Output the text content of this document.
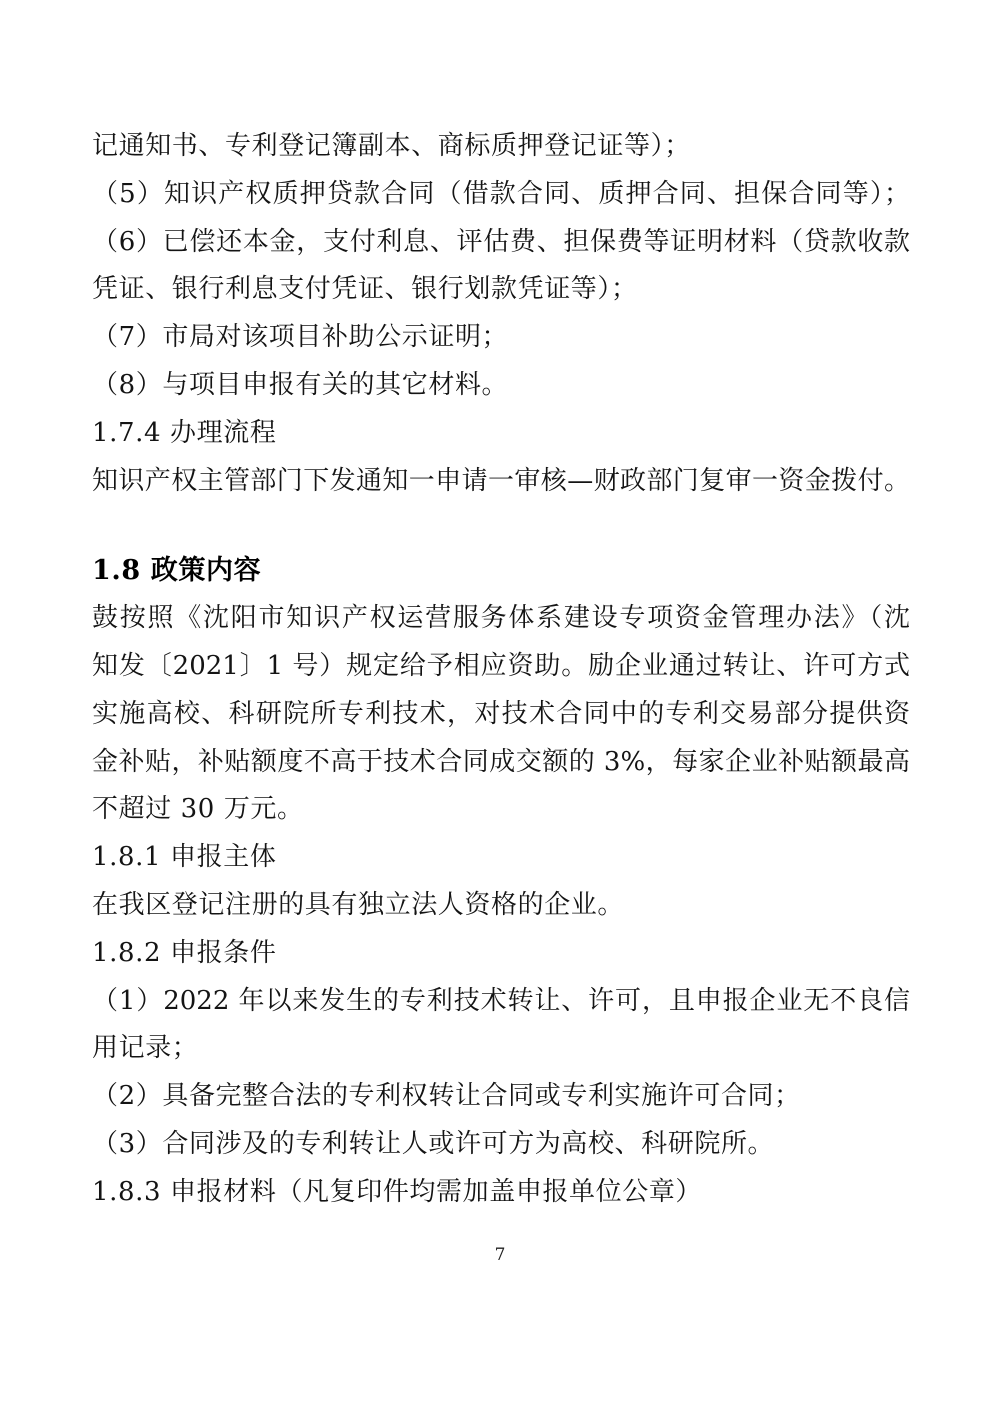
记通知书、专利登记簿副本、商标质押登记证等）；
（5）知识产权质押贷款合同（借款合同、质押合同、担保合同等）；
（6）已偿还本金，支付利息、评估费、担保费等证明材料（贷款收款
凭证、银行利息支付凭证、银行划款凭证等）；
（7）市局对该项目补助公示证明；
（8）与项目申报有关的其它材料。
1.7.4 办理流程
知识产权主管部门下发通知一申请一审核—财政部门复审一资金拨付。
1.8 政策内容
鼓按照《沈阳市知识产权运营服务体系建设专项资金管理办法》（沈
知发〔2021〕1 号）规定给予相应资助。励企业通过转让、许可方式
实施高校、科研院所专利技术，对技术合同中的专利交易部分提供资
金补贴，补贴额度不高于技术合同成交额的 3%，每家企业补贴额最高
不超过 30 万元。
1.8.1 申报主体
在我区登记注册的具有独立法人资格的企业。
1.8.2 申报条件
（1）2022 年以来发生的专利技术转让、许可，且申报企业无不良信
用记录；
（2）具备完整合法的专利权转让合同或专利实施许可合同；
（3）合同涉及的专利转让人或许可方为高校、科研院所。
1.8.3 申报材料（凡复印件均需加盖申报单位公章）
7
